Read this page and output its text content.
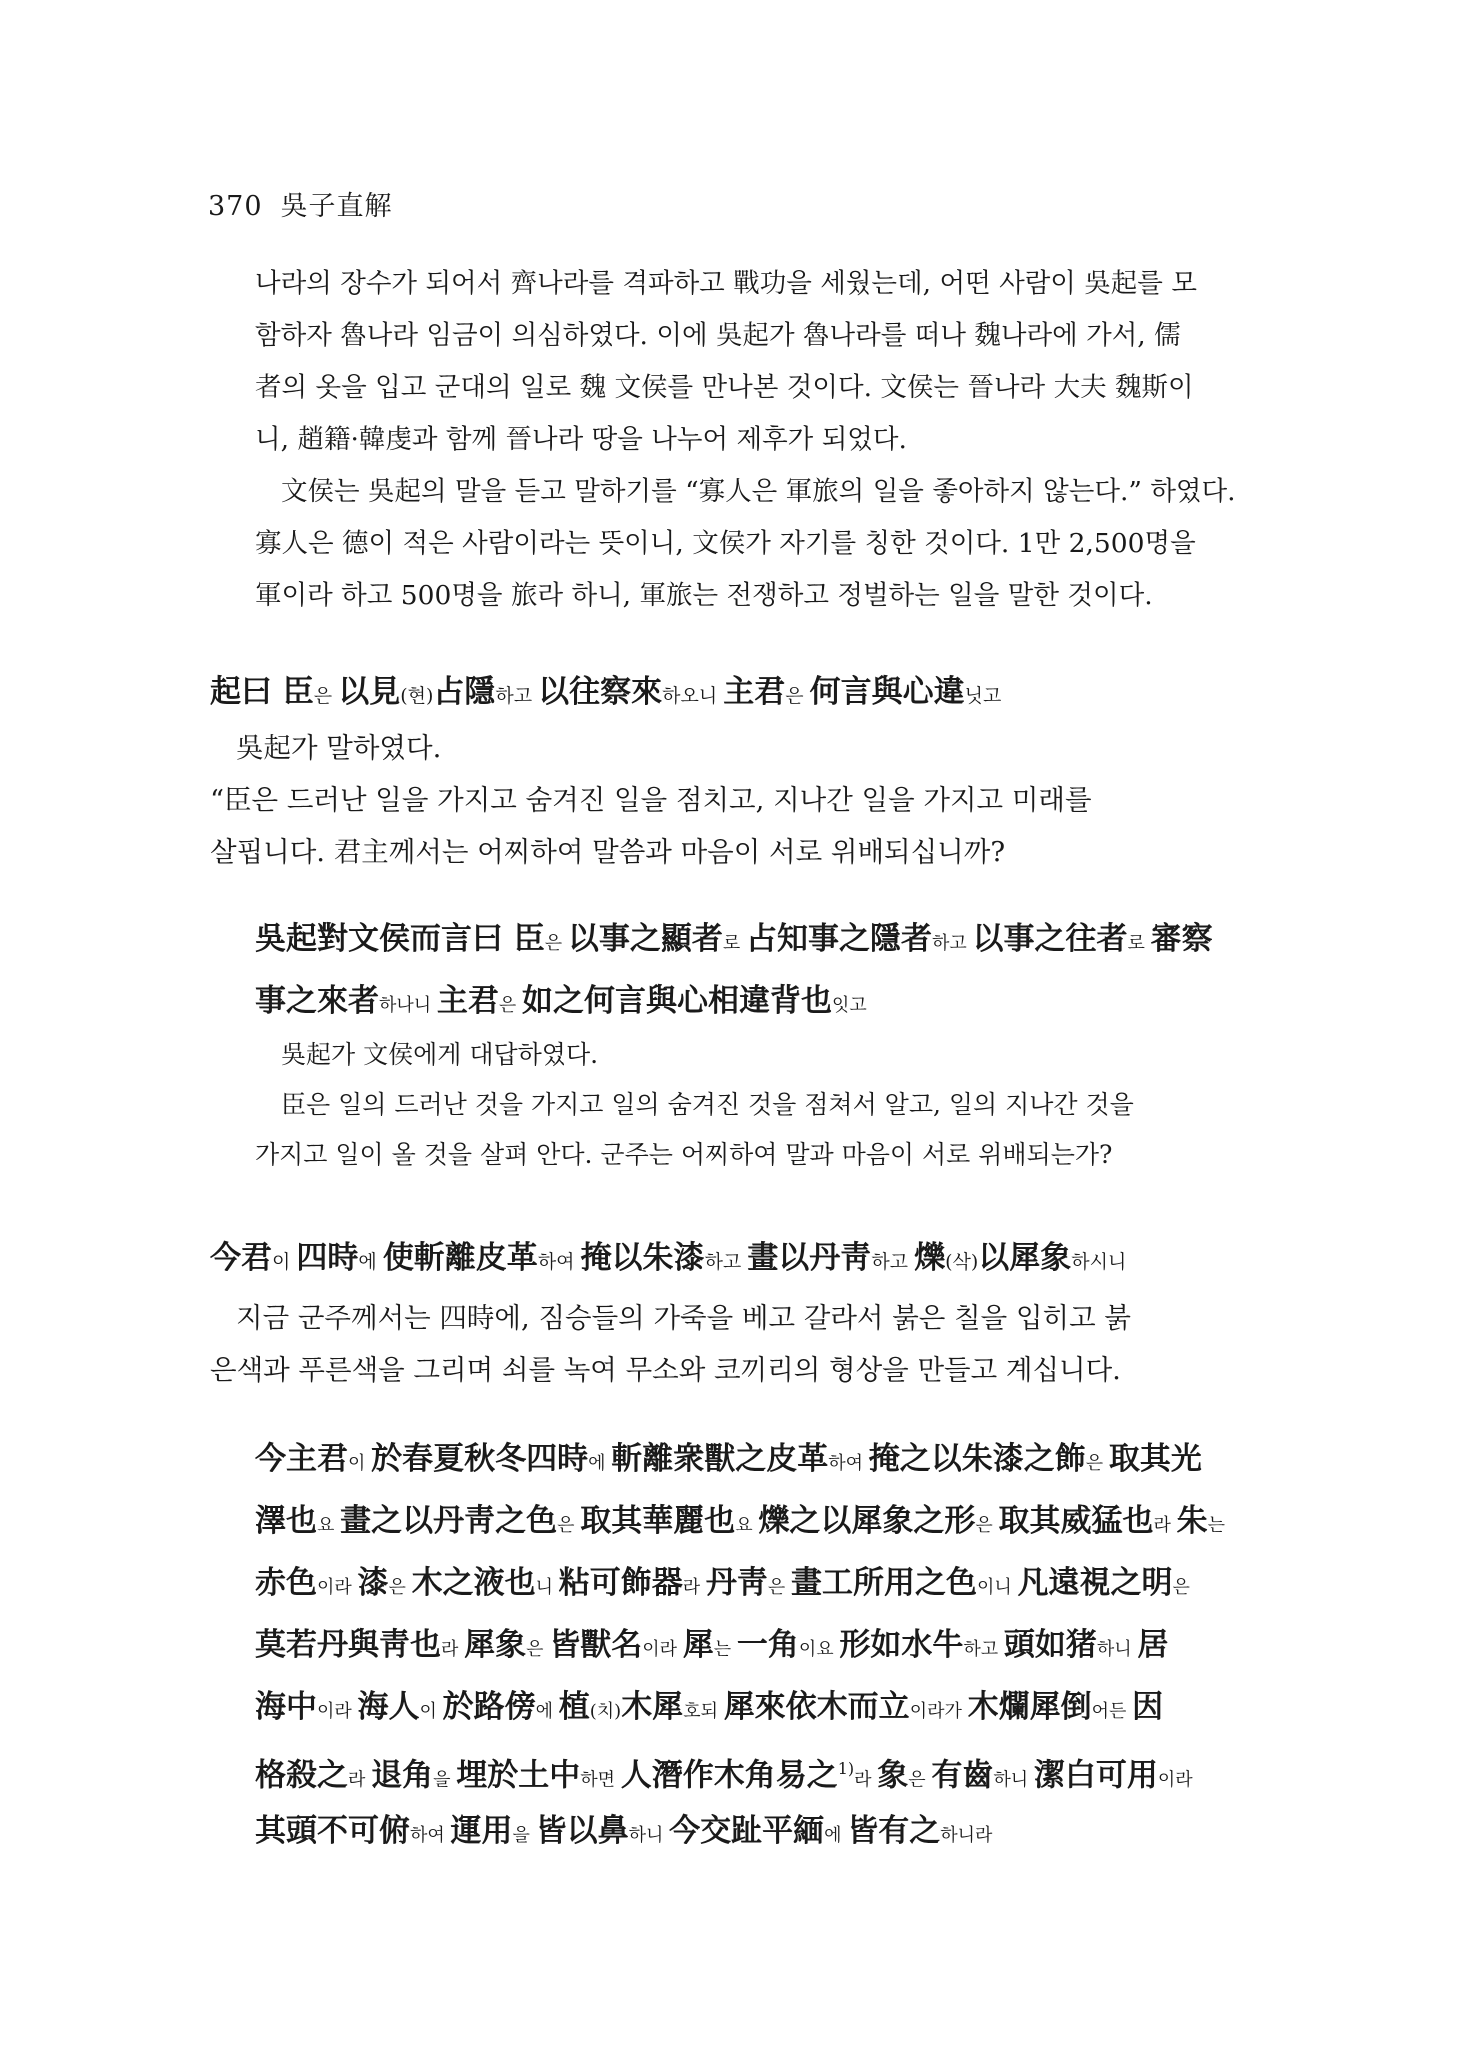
370 吳子直解
나라의 장수가 되어서 齊나라를 격파하고 戰功을 세웠는데, 어떤 사람이 吳起를 모
함하자 魯나라 임금이 의심하였다. 이에 吳起가 魯나라를 떠나 魏나라에 가서, 儒
者의 옷을 입고 군대의 일로 魏 文侯를 만나본 것이다. 文侯는 晉나라 大夫 魏斯이
니, 趙籍·韓虔과 함께 晉나라 땅을 나누어 제후가 되었다.
文侯는 吳起의 말을 듣고 말하기를 “寡人은 軍旅의 일을 좋아하지 않는다.” 하였다.
寡人은 德이 적은 사람이라는 뜻이니, 文侯가 자기를 칭한 것이다. 1만 2,500명을
軍이라 하고 500명을 旅라 하니, 軍旅는 전쟁하고 정벌하는 일을 말한 것이다.
起曰 臣은 以見(현)占隱하고 以往察來하오니 主君은 何言與心違닛고
吳起가 말하였다.
“臣은 드러난 일을 가지고 숨겨진 일을 점치고, 지나간 일을 가지고 미래를
살핍니다. 君主께서는 어찌하여 말씀과 마음이 서로 위배되십니까?
吳起對文侯而言曰 臣은 以事之顯者로 占知事之隱者하고 以事之往者로 審察
事之來者하나니 主君은 如之何言與心相違背也잇고
吳起가 文侯에게 대답하였다.
臣은 일의 드러난 것을 가지고 일의 숨겨진 것을 점쳐서 알고, 일의 지나간 것을
가지고 일이 올 것을 살펴 안다. 군주는 어찌하여 말과 마음이 서로 위배되는가?
今君이 四時에 使斬離皮革하여 掩以朱漆하고 畫以丹靑하고 爍(삭)以犀象하시니
지금 군주께서는 四時에, 짐승들의 가죽을 베고 갈라서 붉은 칠을 입히고 붉
은색과 푸른색을 그리며 쇠를 녹여 무소와 코끼리의 형상을 만들고 계십니다.
今主君이 於春夏秋冬四時에 斬離衆獸之皮革하여 掩之以朱漆之飾은 取其光
澤也요 畫之以丹靑之色은 取其華麗也요 爍之以犀象之形은 取其威猛也라 朱는
赤色이라 漆은 木之液也니 粘可飾器라 丹靑은 畫工所用之色이니 凡遠視之明은
莫若丹與靑也라 犀象은 皆獸名이라 犀는 一角이요 形如水牛하고 頭如猪하니 居
海中이라 海人이 於路傍에 植(치)木犀호되 犀來依木而立이라가 木爛犀倒어든 因
格殺之라 退角을 埋於土中하면 人潛作木角易之$^{1)}$라 象은 有齒하니 潔白可用이라
其頭不可俯하여 運用을 皆以鼻하니 今交趾平緬에 皆有之하니라
